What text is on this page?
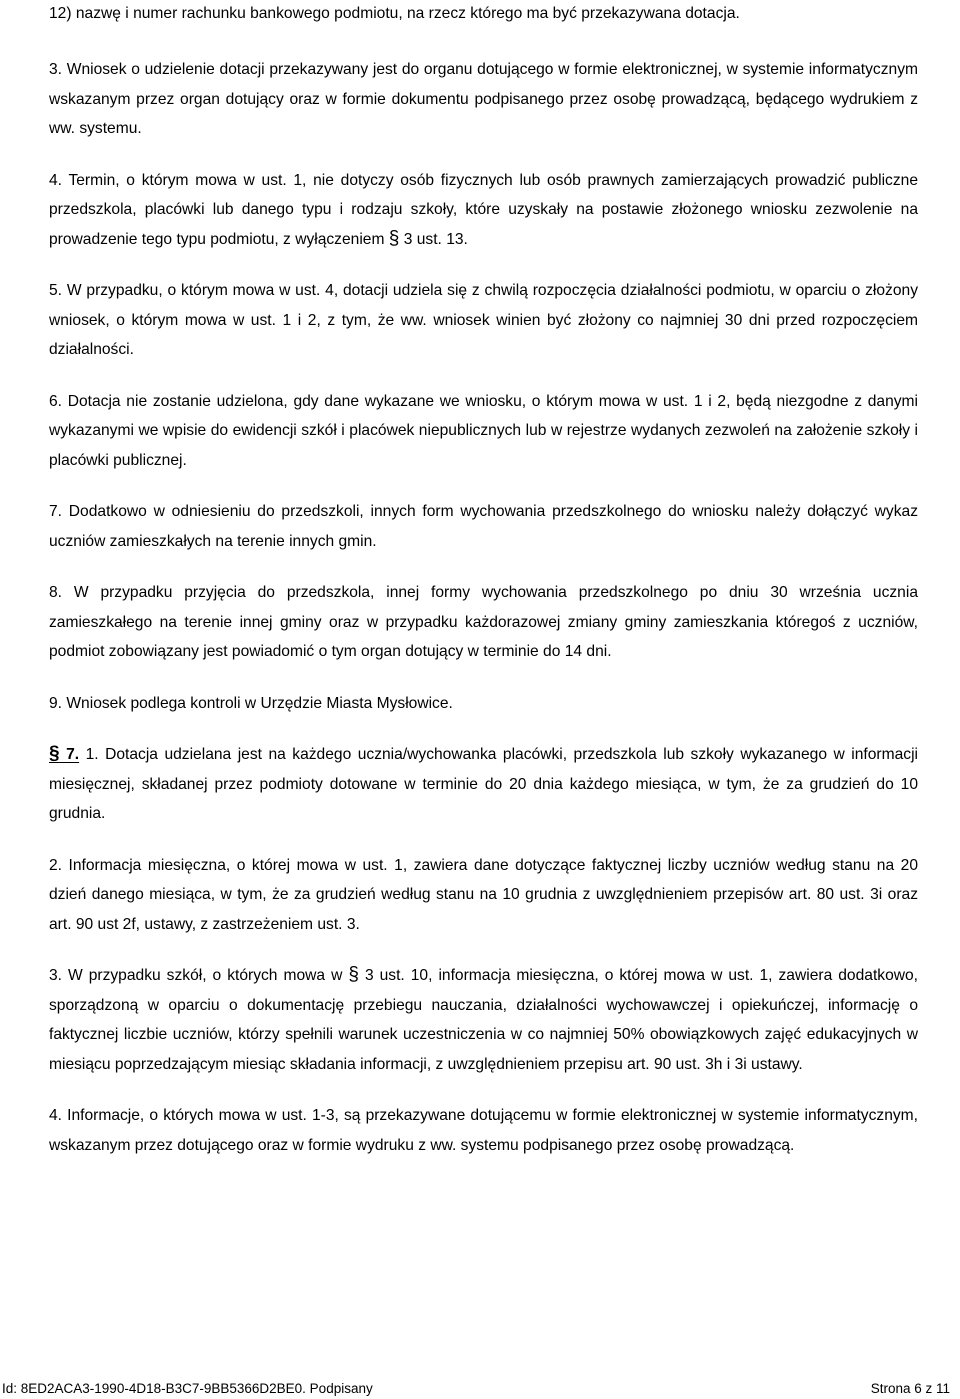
12) nazwę i numer rachunku bankowego podmiotu, na rzecz którego ma być przekazywana dotacja.

3. Wniosek o udzielenie dotacji przekazywany jest do organu dotującego w formie elektronicznej, w systemie informatycznym wskazanym przez organ dotujący oraz w formie dokumentu podpisanego przez osobę prowadzącą, będącego wydrukiem z ww. systemu.

4. Termin, o którym mowa w ust. 1, nie dotyczy osób fizycznych lub osób prawnych zamierzających prowadzić publiczne przedszkola, placówki lub danego typu i rodzaju szkoły, które uzyskały na postawie złożonego wniosku zezwolenie na prowadzenie tego typu podmiotu, z wyłączeniem § 3 ust. 13.

5. W przypadku, o którym mowa w ust. 4, dotacji udziela się z chwilą rozpoczęcia działalności podmiotu, w oparciu o złożony wniosek, o którym mowa w ust. 1 i 2, z tym, że ww. wniosek winien być złożony co najmniej 30 dni przed rozpoczęciem działalności.

6. Dotacja nie zostanie udzielona, gdy dane wykazane we wniosku, o którym mowa w ust. 1 i 2, będą niezgodne z danymi wykazanymi we wpisie do ewidencji szkół i placówek niepublicznych lub w rejestrze wydanych zezwoleń na założenie szkoły i placówki publicznej.

7. Dodatkowo w odniesieniu do przedszkoli, innych form wychowania przedszkolnego do wniosku należy dołączyć wykaz uczniów zamieszkałych na terenie innych gmin.

8. W przypadku przyjęcia do przedszkola, innej formy wychowania przedszkolnego po dniu 30 września ucznia zamieszkałego na terenie innej gminy oraz w przypadku każdorazowej zmiany gminy zamieszkania któregoś z uczniów, podmiot zobowiązany jest powiadomić o tym organ dotujący w terminie do 14 dni.

9. Wniosek podlega kontroli w Urzędzie Miasta Mysłowice.

§ 7. 1. Dotacja udzielana jest na każdego ucznia/wychowanka placówki, przedszkola lub szkoły wykazanego w informacji miesięcznej, składanej przez podmioty dotowane w terminie do 20 dnia każdego miesiąca, w tym, że za grudzień do 10 grudnia.

2. Informacja miesięczna, o której mowa w ust. 1, zawiera dane dotyczące faktycznej liczby uczniów według stanu na 20 dzień danego miesiąca, w tym, że za grudzień według stanu na 10 grudnia z uwzględnieniem przepisów art. 80 ust. 3i oraz art. 90 ust 2f, ustawy, z zastrzeżeniem ust. 3.

3. W przypadku szkół, o których mowa w § 3 ust. 10, informacja miesięczna, o której mowa w ust. 1, zawiera dodatkowo, sporządzoną w oparciu o dokumentację przebiegu nauczania, działalności wychowawczej i opiekuńczej, informację o faktycznej liczbie uczniów, którzy spełnili warunek uczestniczenia w co najmniej 50% obowiązkowych zajęć edukacyjnych w miesiącu poprzedzającym miesiąc składania informacji, z uwzględnieniem przepisu art. 90 ust. 3h i 3i ustawy.

4. Informacje, o których mowa w ust. 1-3, są przekazywane dotującemu w formie elektronicznej w systemie informatycznym, wskazanym przez dotującego oraz w formie wydruku z ww. systemu podpisanego przez osobę prowadzącą.

Id: 8ED2ACA3-1990-4D18-B3C7-9BB5366D2BE0. Podpisany	Strona 6 z 11
